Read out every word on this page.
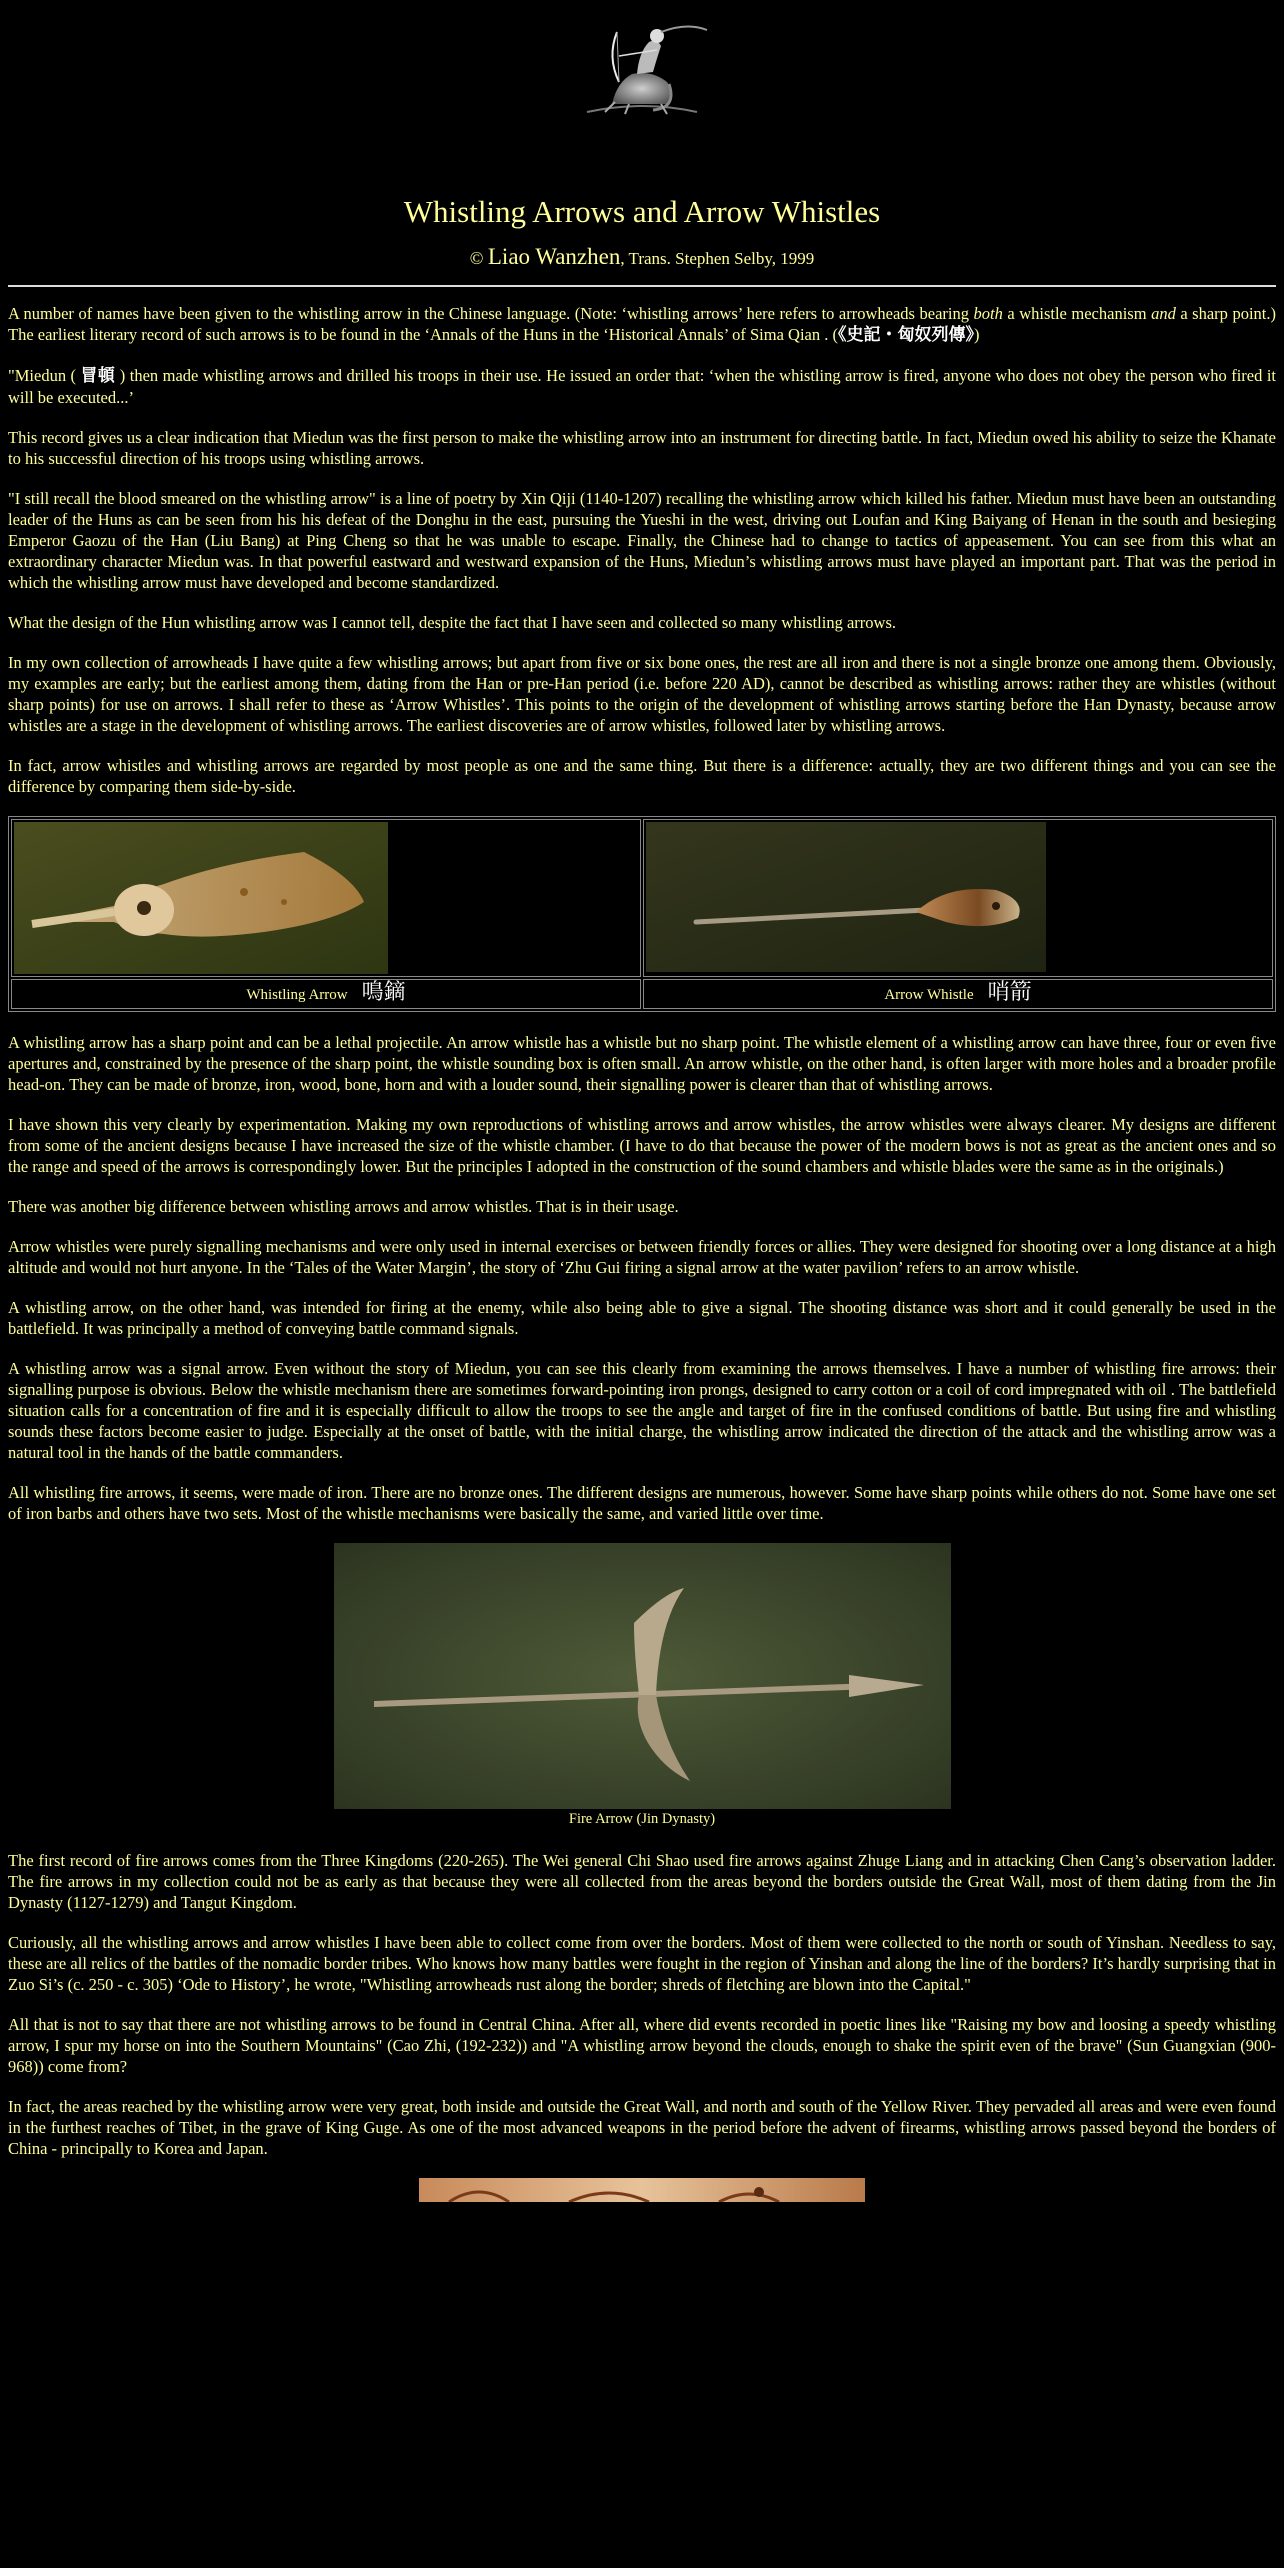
Whistling Arrows and Arrow Whistles
© Liao Wanzhen, Trans. Stephen Selby, 1999

A number of names have been given to the whistling arrow in the Chinese language. (Note: ‘whistling arrows’ here refers to arrowheads bearing both a whistle mechanism and a sharp point.) The earliest literary record of such arrows is to be found in the ‘Annals of the Huns in the ‘Historical Annals’ of Sima Qian . (《史記・匈奴列傳》)

"Miedun ( 冒頓 ) then made whistling arrows and drilled his troops in their use. He issued an order that: ‘when the whistling arrow is fired, anyone who does not obey the person who fired it will be executed...’

This record gives us a clear indication that Miedun was the first person to make the whistling arrow into an instrument for directing battle. In fact, Miedun owed his ability to seize the Khanate to his successful direction of his troops using whistling arrows.

"I still recall the blood smeared on the whistling arrow" is a line of poetry by Xin Qiji (1140-1207) recalling the whistling arrow which killed his father. Miedun must have been an outstanding leader of the Huns as can be seen from his his defeat of the Donghu in the east, pursuing the Yueshi in the west, driving out Loufan and King Baiyang of Henan in the south and besieging Emperor Gaozu of the Han (Liu Bang) at Ping Cheng so that he was unable to escape. Finally, the Chinese had to change to tactics of appeasement. You can see from this what an extraordinary character Miedun was. In that powerful eastward and westward expansion of the Huns, Miedun’s whistling arrows must have played an important part. That was the period in which the whistling arrow must have developed and become standardized.

What the design of the Hun whistling arrow was I cannot tell, despite the fact that I have seen and collected so many whistling arrows.

In my own collection of arrowheads I have quite a few whistling arrows; but apart from five or six bone ones, the rest are all iron and there is not a single bronze one among them. Obviously, my examples are early; but the earliest among them, dating from the Han or pre-Han period (i.e. before 220 AD), cannot be described as whistling arrows: rather they are whistles (without sharp points) for use on arrows. I shall refer to these as ‘Arrow Whistles’. This points to the origin of the development of whistling arrows starting before the Han Dynasty, because arrow whistles are a stage in the development of whistling arrows. The earliest discoveries are of arrow whistles, followed later by whistling arrows.

In fact, arrow whistles and whistling arrows are regarded by most people as one and the same thing. But there is a difference: actually, they are two different things and you can see the difference by comparing them side-by-side.

Whistling Arrow 鳴鏑	Arrow Whistle 哨箭

A whistling arrow has a sharp point and can be a lethal projectile. An arrow whistle has a whistle but no sharp point. The whistle element of a whistling arrow can have three, four or even five apertures and, constrained by the presence of the sharp point, the whistle sounding box is often small. An arrow whistle, on the other hand, is often larger with more holes and a broader profile head-on. They can be made of bronze, iron, wood, bone, horn and with a louder sound, their signalling power is clearer than that of whistling arrows.

I have shown this very clearly by experimentation. Making my own reproductions of whistling arrows and arrow whistles, the arrow whistles were always clearer. My designs are different from some of the ancient designs because I have increased the size of the whistle chamber. (I have to do that because the power of the modern bows is not as great as the ancient ones and so the range and speed of the arrows is correspondingly lower. But the principles I adopted in the construction of the sound chambers and whistle blades were the same as in the originals.)

There was another big difference between whistling arrows and arrow whistles. That is in their usage.

Arrow whistles were purely signalling mechanisms and were only used in internal exercises or between friendly forces or allies. They were designed for shooting over a long distance at a high altitude and would not hurt anyone. In the ‘Tales of the Water Margin’, the story of ‘Zhu Gui firing a signal arrow at the water pavilion’ refers to an arrow whistle.

A whistling arrow, on the other hand, was intended for firing at the enemy, while also being able to give a signal. The shooting distance was short and it could generally be used in the battlefield. It was principally a method of conveying battle command signals.

A whistling arrow was a signal arrow. Even without the story of Miedun, you can see this clearly from examining the arrows themselves. I have a number of whistling fire arrows: their signalling purpose is obvious. Below the whistle mechanism there are sometimes forward-pointing iron prongs, designed to carry cotton or a coil of cord impregnated with oil . The battlefield situation calls for a concentration of fire and it is especially difficult to allow the troops to see the angle and target of fire in the confused conditions of battle. But using fire and whistling sounds these factors become easier to judge. Especially at the onset of battle, with the initial charge, the whistling arrow indicated the direction of the attack and the whistling arrow was a natural tool in the hands of the battle commanders.

All whistling fire arrows, it seems, were made of iron. There are no bronze ones. The different designs are numerous, however. Some have sharp points while others do not. Some have one set of iron barbs and others have two sets. Most of the whistle mechanisms were basically the same, and varied little over time.

Fire Arrow (Jin Dynasty)

The first record of fire arrows comes from the Three Kingdoms (220-265). The Wei general Chi Shao used fire arrows against Zhuge Liang and in attacking Chen Cang’s observation ladder. The fire arrows in my collection could not be as early as that because they were all collected from the areas beyond the borders outside the Great Wall, most of them dating from the Jin Dynasty (1127-1279) and Tangut Kingdom.

Curiously, all the whistling arrows and arrow whistles I have been able to collect come from over the borders. Most of them were collected to the north or south of Yinshan. Needless to say, these are all relics of the battles of the nomadic border tribes. Who knows how many battles were fought in the region of Yinshan and along the line of the borders? It’s hardly surprising that in Zuo Si’s (c. 250 - c. 305) ‘Ode to History’, he wrote, "Whistling arrowheads rust along the border; shreds of fletching are blown into the Capital."

All that is not to say that there are not whistling arrows to be found in Central China. After all, where did events recorded in poetic lines like "Raising my bow and loosing a speedy whistling arrow, I spur my horse on into the Southern Mountains" (Cao Zhi, (192-232)) and "A whistling arrow beyond the clouds, enough to shake the spirit even of the brave" (Sun Guangxian (900-968)) come from?

In fact, the areas reached by the whistling arrow were very great, both inside and outside the Great Wall, and north and south of the Yellow River. They pervaded all areas and were even found in the furthest reaches of Tibet, in the grave of King Guge. As one of the most advanced weapons in the period before the advent of firearms, whistling arrows passed beyond the borders of China - principally to Korea and Japan.
